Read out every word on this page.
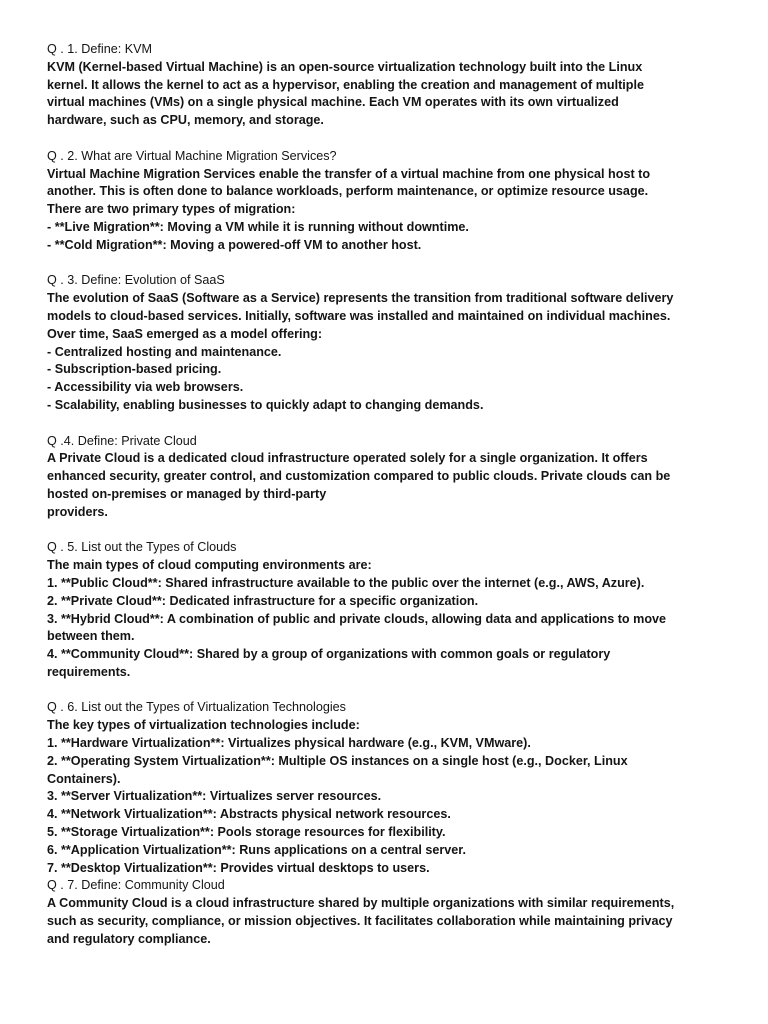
Q . 1. Define: KVM
KVM (Kernel-based Virtual Machine) is an open-source virtualization technology built into the Linux
kernel. It allows the kernel to act as a hypervisor, enabling the creation and management of multiple
virtual machines (VMs) on a single physical machine. Each VM operates with its own virtualized
hardware, such as CPU, memory, and storage.
Q . 2. What are Virtual Machine Migration Services?
Virtual Machine Migration Services enable the transfer of a virtual machine from one physical host to
another. This is often done to balance workloads, perform maintenance, or optimize resource usage.
There are two primary types of migration:
- **Live Migration**: Moving a VM while it is running without downtime.
- **Cold Migration**: Moving a powered-off VM to another host.
Q . 3. Define: Evolution of SaaS
The evolution of SaaS (Software as a Service) represents the transition from traditional software delivery
models to cloud-based services. Initially, software was installed and maintained on individual machines.
Over time, SaaS emerged as a model offering:
- Centralized hosting and maintenance.
- Subscription-based pricing.
- Accessibility via web browsers.
- Scalability, enabling businesses to quickly adapt to changing demands.
Q .4. Define: Private Cloud
A Private Cloud is a dedicated cloud infrastructure operated solely for a single organization. It offers
enhanced security, greater control, and customization compared to public clouds. Private clouds can be
hosted on-premises or managed by third-party
providers.
Q . 5. List out the Types of Clouds
The main types of cloud computing environments are:
1. **Public Cloud**: Shared infrastructure available to the public over the internet (e.g., AWS, Azure).
2. **Private Cloud**: Dedicated infrastructure for a specific organization.
3. **Hybrid Cloud**: A combination of public and private clouds, allowing data and applications to move
between them.
4. **Community Cloud**: Shared by a group of organizations with common goals or regulatory
requirements.
Q . 6. List out the Types of Virtualization Technologies
The key types of virtualization technologies include:
1. **Hardware Virtualization**: Virtualizes physical hardware (e.g., KVM, VMware).
2. **Operating System Virtualization**: Multiple OS instances on a single host (e.g., Docker, Linux
Containers).
3. **Server Virtualization**: Virtualizes server resources.
4. **Network Virtualization**: Abstracts physical network resources.
5. **Storage Virtualization**: Pools storage resources for flexibility.
6. **Application Virtualization**: Runs applications on a central server.
7. **Desktop Virtualization**: Provides virtual desktops to users.
Q . 7. Define: Community Cloud
A Community Cloud is a cloud infrastructure shared by multiple organizations with similar requirements,
such as security, compliance, or mission objectives. It facilitates collaboration while maintaining privacy
and regulatory compliance.
